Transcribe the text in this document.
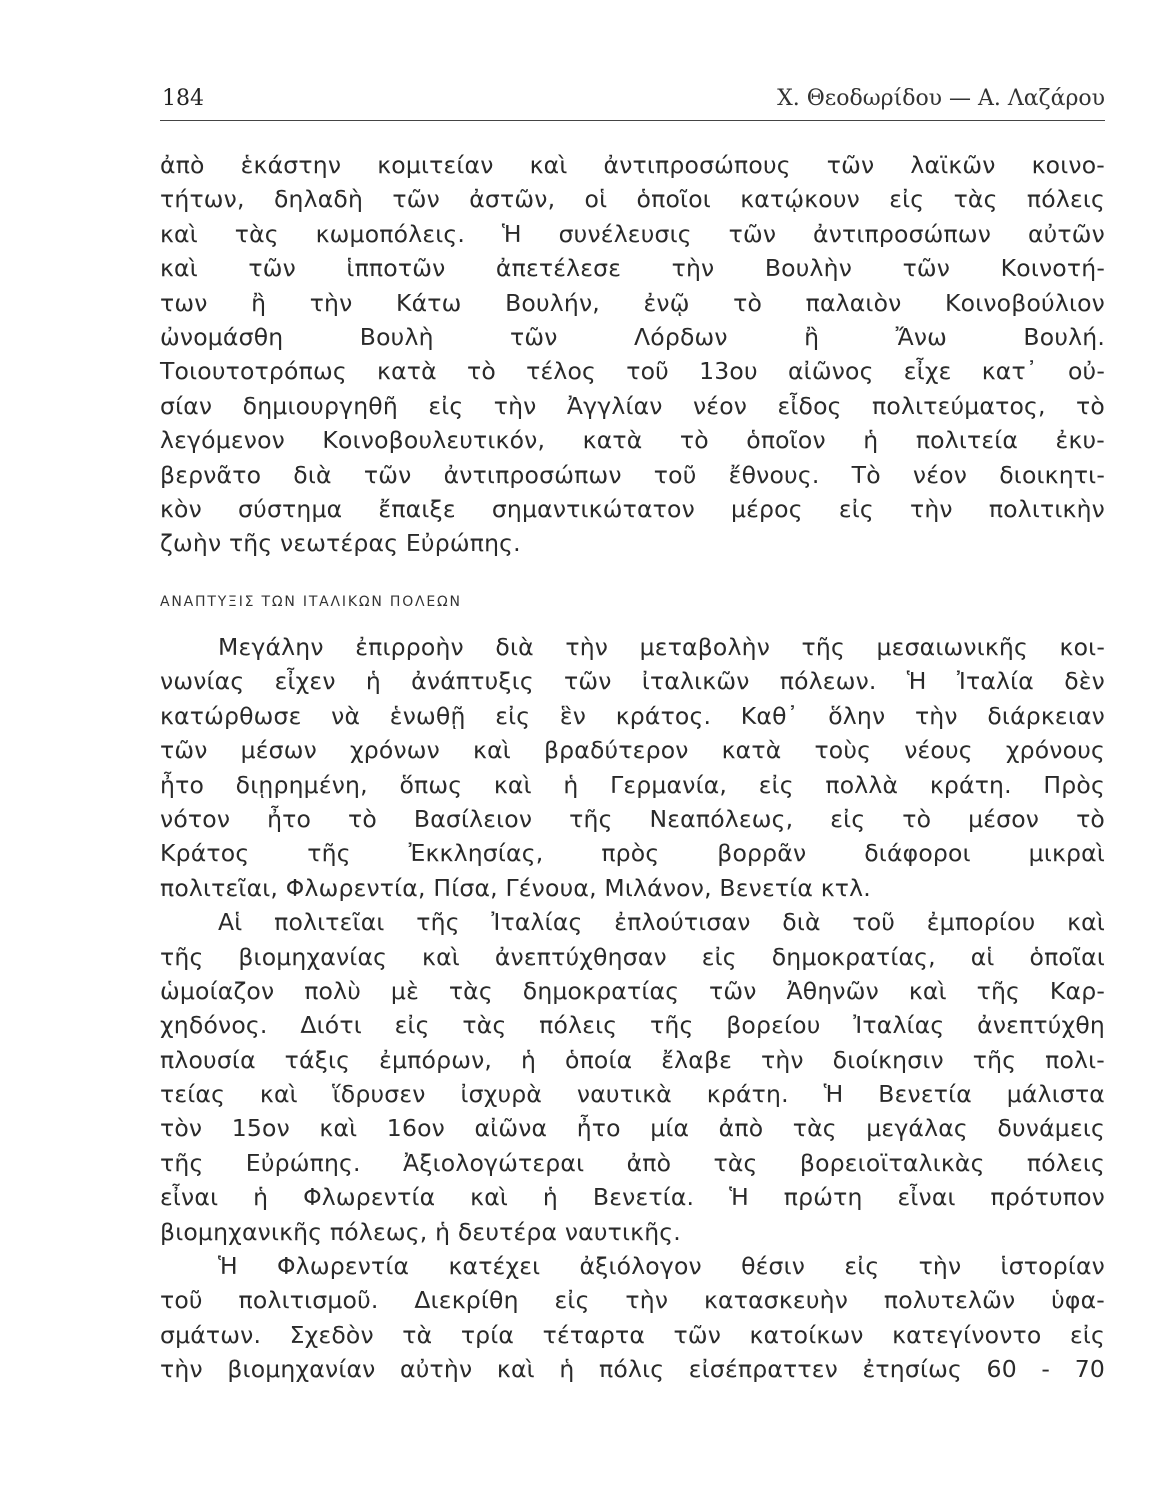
184	Χ. Θεοδωρίδου — Α. Λαζάρου
ἀπὸ ἑκάστην κομιτείαν καὶ ἀντιπροσώπους τῶν λαϊκῶν κοινο-
τήτων, δηλαδὴ τῶν ἀστῶν, οἱ ὁποῖοι κατῴκουν εἰς τὰς πόλεις
καὶ τὰς κωμοπόλεις. Ἡ συνέλευσις τῶν ἀντιπροσώπων αὐτῶν
καὶ τῶν ἱπποτῶν ἀπετέλεσε τὴν Βουλὴν τῶν Κοινοτή-
των ἢ τὴν Κάτω Βουλήν, ἐνῷ τὸ παλαιὸν Κοινοβούλιον
ὠνομάσθη Βουλὴ τῶν Λόρδων ἢ Ἄνω Βουλή.
Τοιουτοτρόπως κατὰ τὸ τέλος τοῦ 13ου αἰῶνος εἶχε κατ᾽ οὐ-
σίαν δημιουργηθῆ εἰς τὴν Ἀγγλίαν νέον εἶδος πολιτεύματος, τὸ
λεγόμενον Κοινοβουλευτικόν, κατὰ τὸ ὁποῖον ἡ πολιτεία ἐκυ-
βερνᾶτο διὰ τῶν ἀντιπροσώπων τοῦ ἔθνους. Τὸ νέον διοικητι-
κὸν σύστημα ἔπαιξε σημαντικώτατον μέρος εἰς τὴν πολιτικὴν
ζωὴν τῆς νεωτέρας Εὐρώπης.
ΑΝΑΠΤΥΞΙΣ ΤΩΝ ΙΤΑΛΙΚΩΝ ΠΟΛΕΩΝ
Μεγάλην ἐπιρροὴν διὰ τὴν μεταβολὴν τῆς μεσαιωνικῆς κοι-
νωνίας εἶχεν ἡ ἀνάπτυξις τῶν ἰταλικῶν πόλεων. Ἡ Ἰταλία δὲν
κατώρθωσε νὰ ἑνωθῇ εἰς ἓν κράτος. Καθ᾽ ὅλην τὴν διάρκειαν
τῶν μέσων χρόνων καὶ βραδύτερον κατὰ τοὺς νέους χρόνους
ἦτο διῃρημένη, ὅπως καὶ ἡ Γερμανία, εἰς πολλὰ κράτη. Πρὸς
νότον ἦτο τὸ Βασίλειον τῆς Νεαπόλεως, εἰς τὸ μέσον τὸ
Κράτος τῆς Ἐκκλησίας, πρὸς βορρᾶν διάφοροι μικραὶ
πολιτεῖαι, Φλωρεντία, Πίσα, Γένουα, Μιλάνον, Βενετία κτλ.
Αἱ πολιτεῖαι τῆς Ἰταλίας ἐπλούτισαν διὰ τοῦ ἐμπορίου καὶ
τῆς βιομηχανίας καὶ ἀνεπτύχθησαν εἰς δημοκρατίας, αἱ ὁποῖαι
ὡμοίαζον πολὺ μὲ τὰς δημοκρατίας τῶν Ἀθηνῶν καὶ τῆς Καρ-
χηδόνος. Διότι εἰς τὰς πόλεις τῆς βορείου Ἰταλίας ἀνεπτύχθη
πλουσία τάξις ἐμπόρων, ἡ ὁποία ἔλαβε τὴν διοίκησιν τῆς πολι-
τείας καὶ ἵδρυσεν ἰσχυρὰ ναυτικὰ κράτη. Ἡ Βενετία μάλιστα
τὸν 15ον καὶ 16ον αἰῶνα ἦτο μία ἀπὸ τὰς μεγάλας δυνάμεις
τῆς Εὐρώπης. Ἀξιολογώτεραι ἀπὸ τὰς βορειοϊταλικὰς πόλεις
εἶναι ἡ Φλωρεντία καὶ ἡ Βενετία. Ἡ πρώτη εἶναι πρότυπον
βιομηχανικῆς πόλεως, ἡ δευτέρα ναυτικῆς.
Ἡ Φλωρεντία κατέχει ἀξιόλογον θέσιν εἰς τὴν ἱστορίαν
τοῦ πολιτισμοῦ. Διεκρίθη εἰς τὴν κατασκευὴν πολυτελῶν ὑφα-
σμάτων. Σχεδὸν τὰ τρία τέταρτα τῶν κατοίκων κατεγίνοντο εἰς
τὴν βιομηχανίαν αὐτὴν καὶ ἡ πόλις εἰσέπραττεν ἐτησίως 60 - 70
